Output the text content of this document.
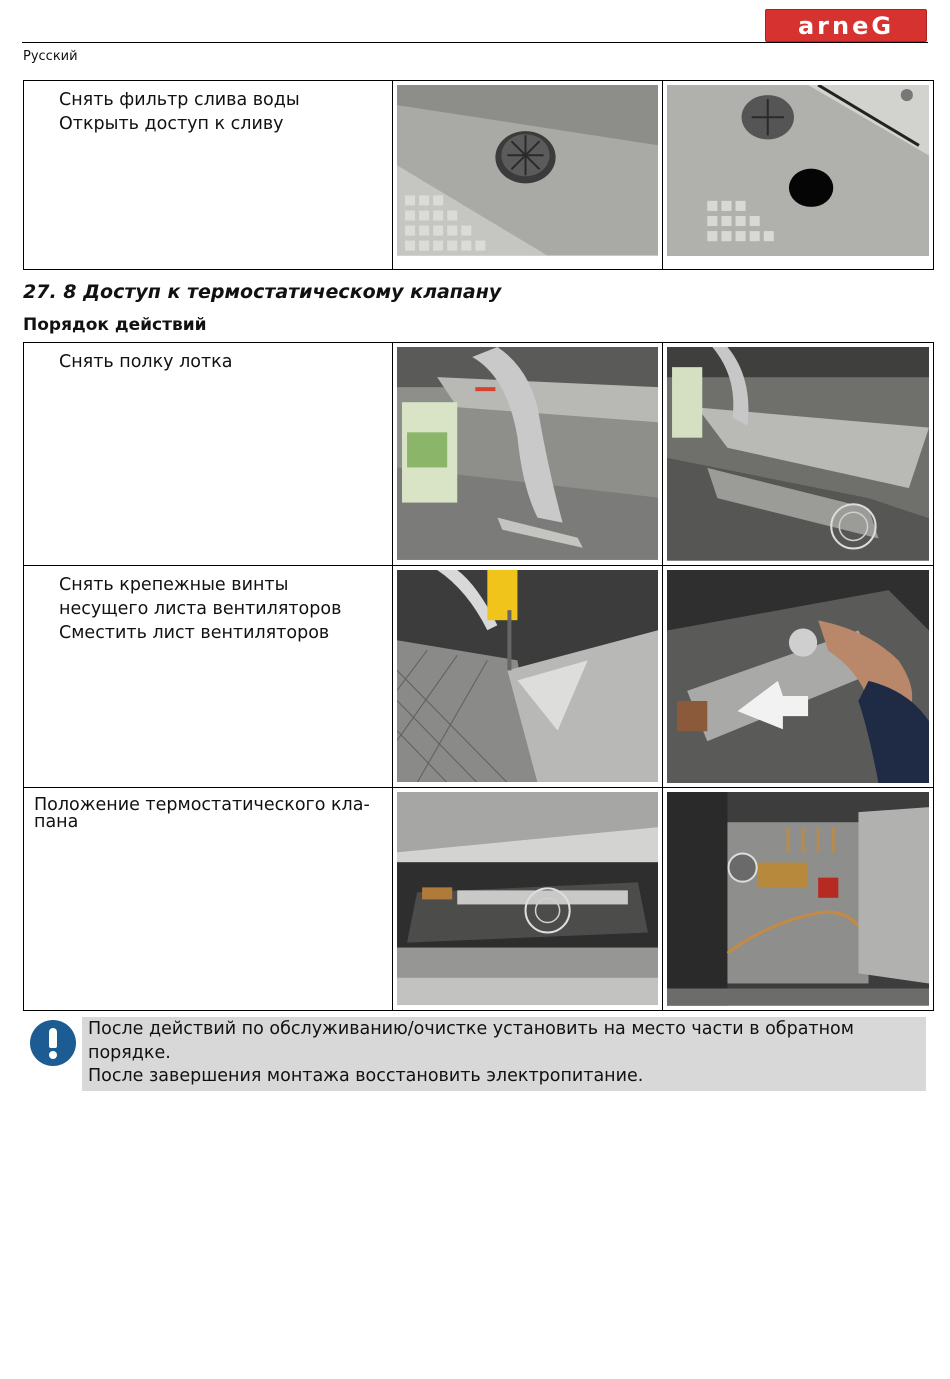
arneG
Русский
Снять фильтр слива воды
Открыть доступ к сливу

27. 8 Доступ к термостатическому клапану
Порядок действий
Снять полку лотка

Снять крепежные винты
несущего листа вентиляторов
Сместить лист вентиляторов

Положение термостатического кла-
пана

После действий по обслуживанию/очистке установить на место части в обратном порядке.
После завершения монтажа восстановить электропитание.
